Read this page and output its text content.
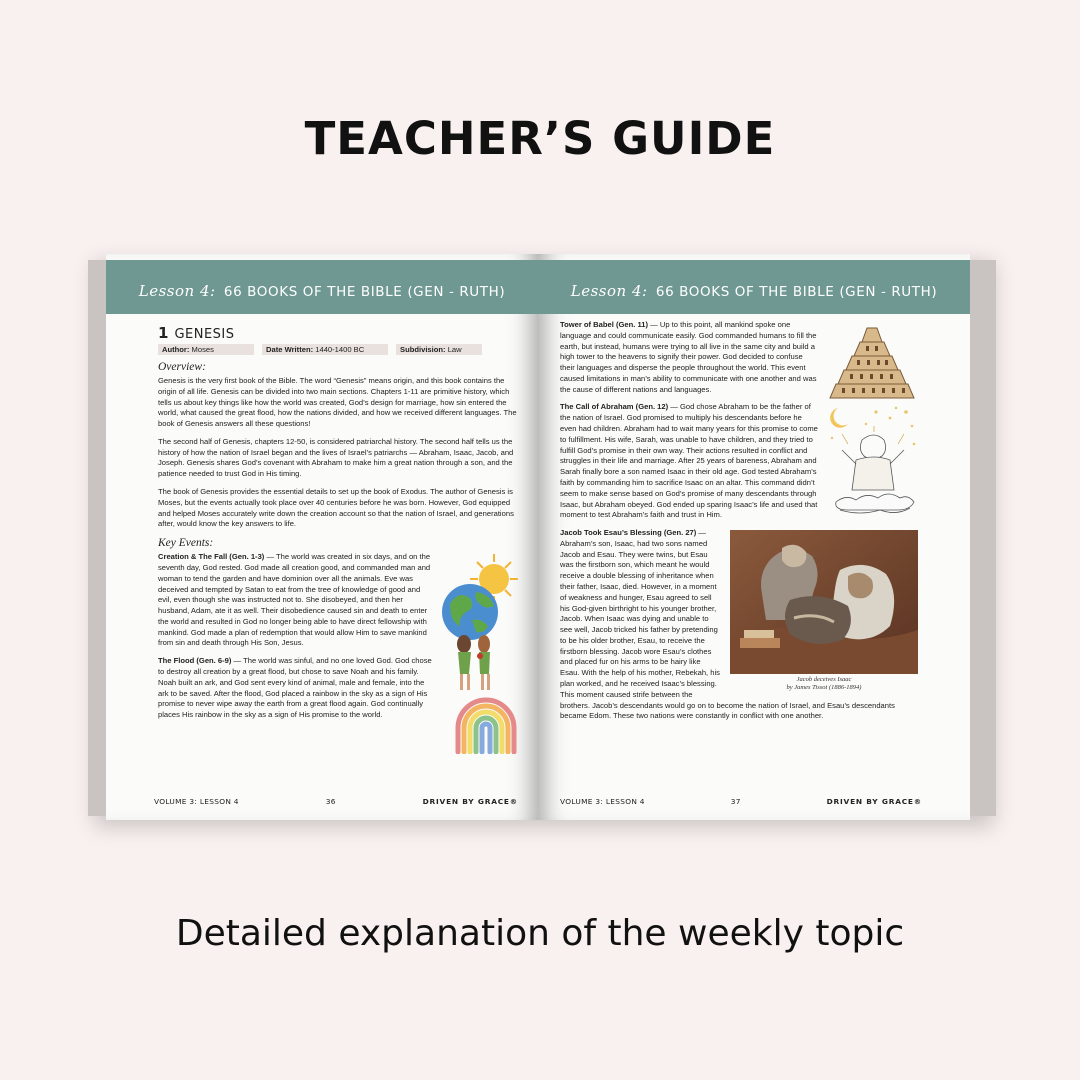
TEACHER’S GUIDE
Lesson 4: 66 BOOKS OF THE BIBLE (GEN - RUTH)
1 GENESIS
Author: Moses	Date Written: 1440-1400 BC	Subdivision: Law
Overview:

Genesis is the very first book of the Bible. The word “Genesis” means origin, and this book contains the origin of all life. Genesis can be divided into two main sections. Chapters 1-11 are primitive history, which tells us about key things like how the world was created, God’s design for marriage, how sin entered the world, what caused the great flood, how the nations divided, and how we received different languages. The book of Genesis answers all these questions!

The second half of Genesis, chapters 12-50, is considered patriarchal history. The second half tells us the history of how the nation of Israel began and the lives of Israel’s patriarchs — Abraham, Isaac, Jacob, and Joseph. Genesis shares God’s covenant with Abraham to make him a great nation through a son, and the patience needed to trust God in His timing.

The book of Genesis provides the essential details to set up the book of Exodus. The author of Genesis is Moses, but the events actually took place over 40 centuries before he was born. However, God equipped and helped Moses accurately write down the creation account so that the nation of Israel, and generations after, would know the key answers to life.

Key Events:

Creation & The Fall (Gen. 1-3) — The world was created in six days, and on the seventh day, God rested. God made all creation good, and commanded man and woman to tend the garden and have dominion over all the animals. Eve was deceived and tempted by Satan to eat from the tree of knowledge of good and evil, even though she was instructed not to. She disobeyed, and then her husband, Adam, ate it as well. Their disobedience caused sin and death to enter the world and resulted in God no longer being able to have direct fellowship with mankind. God made a plan of redemption that would allow Him to save mankind from sin and death through His Son, Jesus.

The Flood (Gen. 6-9) — The world was sinful, and no one loved God. God chose to destroy all creation by a great flood, but chose to save Noah and his family. Noah built an ark, and God sent every kind of animal, male and female, into the ark to be saved. After the flood, God placed a rainbow in the sky as a sign of His promise to never wipe away the earth from a great flood again. God continually places His rainbow in the sky as a sign of His promise to the world.

VOLUME 3: LESSON 4	36	DRIVEN BY GRACE®
Lesson 4: 66 BOOKS OF THE BIBLE (GEN - RUTH)

Tower of Babel (Gen. 11) — Up to this point, all mankind spoke one language and could communicate easily. God commanded humans to fill the earth, but instead, humans were trying to all live in the same city and build a high tower to the heavens to signify their power. God decided to confuse their languages and disperse the people throughout the world. This event caused limitations in man’s ability to communicate with one another and was the cause of different nations and languages.

The Call of Abraham (Gen. 12) — God chose Abraham to be the father of the nation of Israel. God promised to multiply his descendants before he even had children. Abraham had to wait many years for this promise to come to fulfillment. His wife, Sarah, was unable to have children, and they tried to fulfill God’s promise in their own way. Their actions resulted in conflict and struggles in their life and marriage. After 25 years of bareness, Abraham and Sarah finally bore a son named Isaac in their old age. God tested Abraham’s faith by commanding him to sacrifice Isaac on an altar. This command didn’t seem to make sense based on God’s promise of many descendants through Isaac, but Abraham obeyed. God ended up sparing Isaac’s life and used that moment to test Abraham’s faith and trust in Him.

Jacob deceives Isaac
by James Tissot (1886-1894)

Jacob Took Esau’s Blessing (Gen. 27) — Abraham’s son, Isaac, had two sons named Jacob and Esau. They were twins, but Esau was the firstborn son, which meant he would receive a double blessing of inheritance when their father, Isaac, died. However, in a moment of weakness and hunger, Esau agreed to sell his God-given birthright to his younger brother, Jacob. When Isaac was dying and unable to see well, Jacob tricked his father by pretending to be his older brother, Esau, to receive the firstborn blessing. Jacob wore Esau’s clothes and placed fur on his arms to be hairy like Esau. With the help of his mother, Rebekah, his plan worked, and he received Isaac’s blessing. This moment caused strife between the brothers. Jacob’s descendants would go on to become the nation of Israel, and Esau’s descendants became Edom. These two nations were constantly in conflict with one another.

VOLUME 3: LESSON 4	37	DRIVEN BY GRACE®

Detailed explanation of the weekly topic
